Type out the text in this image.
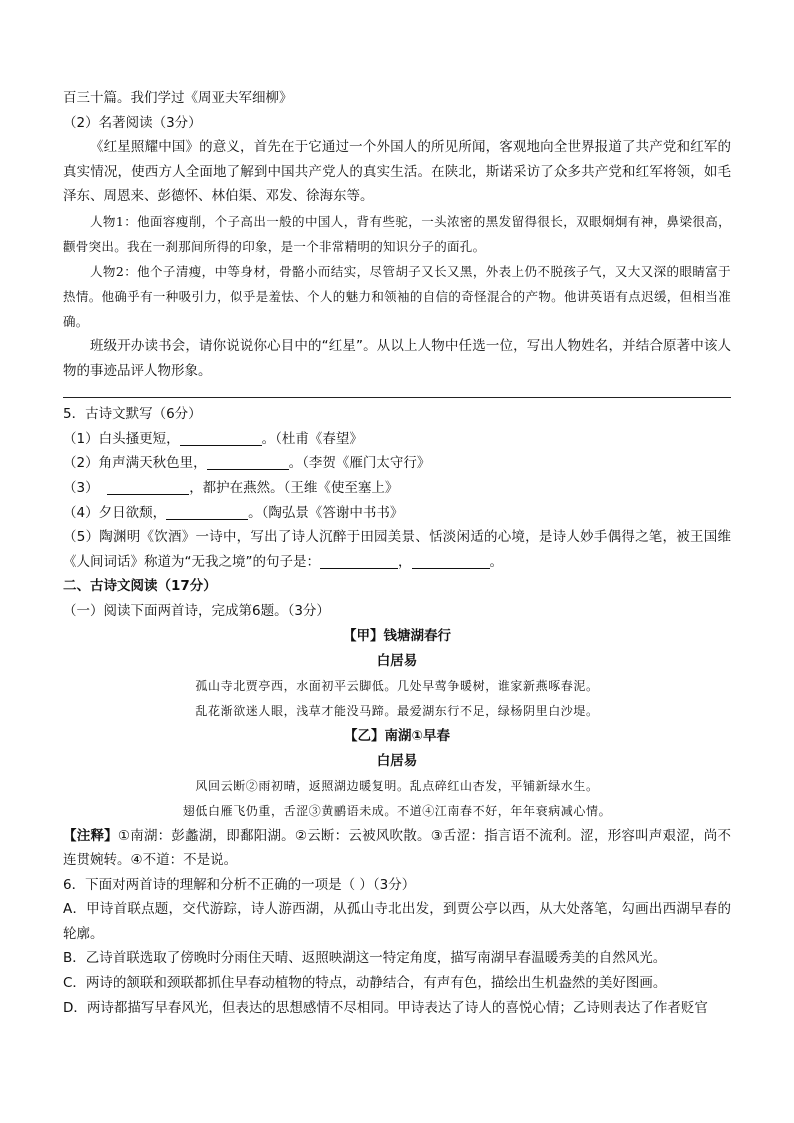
百三十篇。我们学过《周亚夫军细柳》
（2）名著阅读（3分）
《红星照耀中国》的意义，首先在于它通过一个外国人的所见所闻，客观地向全世界报道了共产党和红军的真实情况，使西方人全面地了解到中国共产党人的真实生活。在陕北，斯诺采访了众多共产党和红军将领，如毛泽东、周恩来、彭德怀、林伯渠、邓发、徐海东等。
人物1：他面容瘦削，个子高出一般的中国人，背有些驼，一头浓密的黑发留得很长，双眼炯炯有神，鼻梁很高，颧骨突出。我在一刹那间所得的印象，是一个非常精明的知识分子的面孔。
人物2：他个子清瘦，中等身材，骨骼小而结实，尽管胡子又长又黑，外表上仍不脱孩子气，又大又深的眼睛富于热情。他确乎有一种吸引力，似乎是羞怯、个人的魅力和领袖的自信的奇怪混合的产物。他讲英语有点迟缓，但相当准确。
班级开办读书会，请你说说你心目中的“红星”。从以上人物中任选一位，写出人物姓名，并结合原著中该人物的事迹品评人物形象。
5．古诗文默写（6分）
（1）白头搔更短，	。（杜甫《春望》
（2）角声满天秋色里，	。（李贺《雁门太守行》
（3）	，都护在燕然。（王维《使至塞上》
（4）夕日欲颓，	。（陶弘景《答谢中书书》
（5）陶渊明《饮酒》一诗中，写出了诗人沉醉于田园美景、恬淡闲适的心境，是诗人妙手偶得之笔，被王国维《人间词话》称道为“无我之境”的句子是：	，	。
二、古诗文阅读（17分）
（一）阅读下面两首诗，完成第6题。（3分）
【甲】钱塘湖春行
白居易
孤山寺北贾亭西，水面初平云脚低。几处早莺争暖树，谁家新燕啄春泥。
乱花渐欲迷人眼，浅草才能没马蹄。最爱湖东行不足，绿杨阴里白沙堤。
【乙】南湖①早春
白居易
风回云断②雨初晴，返照湖边暖复明。乱点碎红山杏发，平铺新绿水生。
翅低白雁飞仍重，舌涩③黄鹂语未成。不道④江南春不好，年年衰病减心情。
【注释】①南湖：彭蠡湖，即鄱阳湖。②云断：云被风吹散。③舌涩：指言语不流利。涩，形容叫声艰涩，尚不连贯婉转。④不道：不是说。
6．下面对两首诗的理解和分析不正确的一项是（ ）（3分）
A．甲诗首联点题，交代游踪，诗人游西湖，从孤山寺北出发，到贾公亭以西，从大处落笔，勾画出西湖早春的轮廓。
B．乙诗首联选取了傍晚时分雨住天晴、返照映湖这一特定角度，描写南湖早春温暖秀美的自然风光。
C．两诗的颔联和颈联都抓住早春动植物的特点，动静结合，有声有色，描绘出生机盎然的美好图画。
D．两诗都描写早春风光，但表达的思想感情不尽相同。甲诗表达了诗人的喜悦心情；乙诗则表达了作者贬官
